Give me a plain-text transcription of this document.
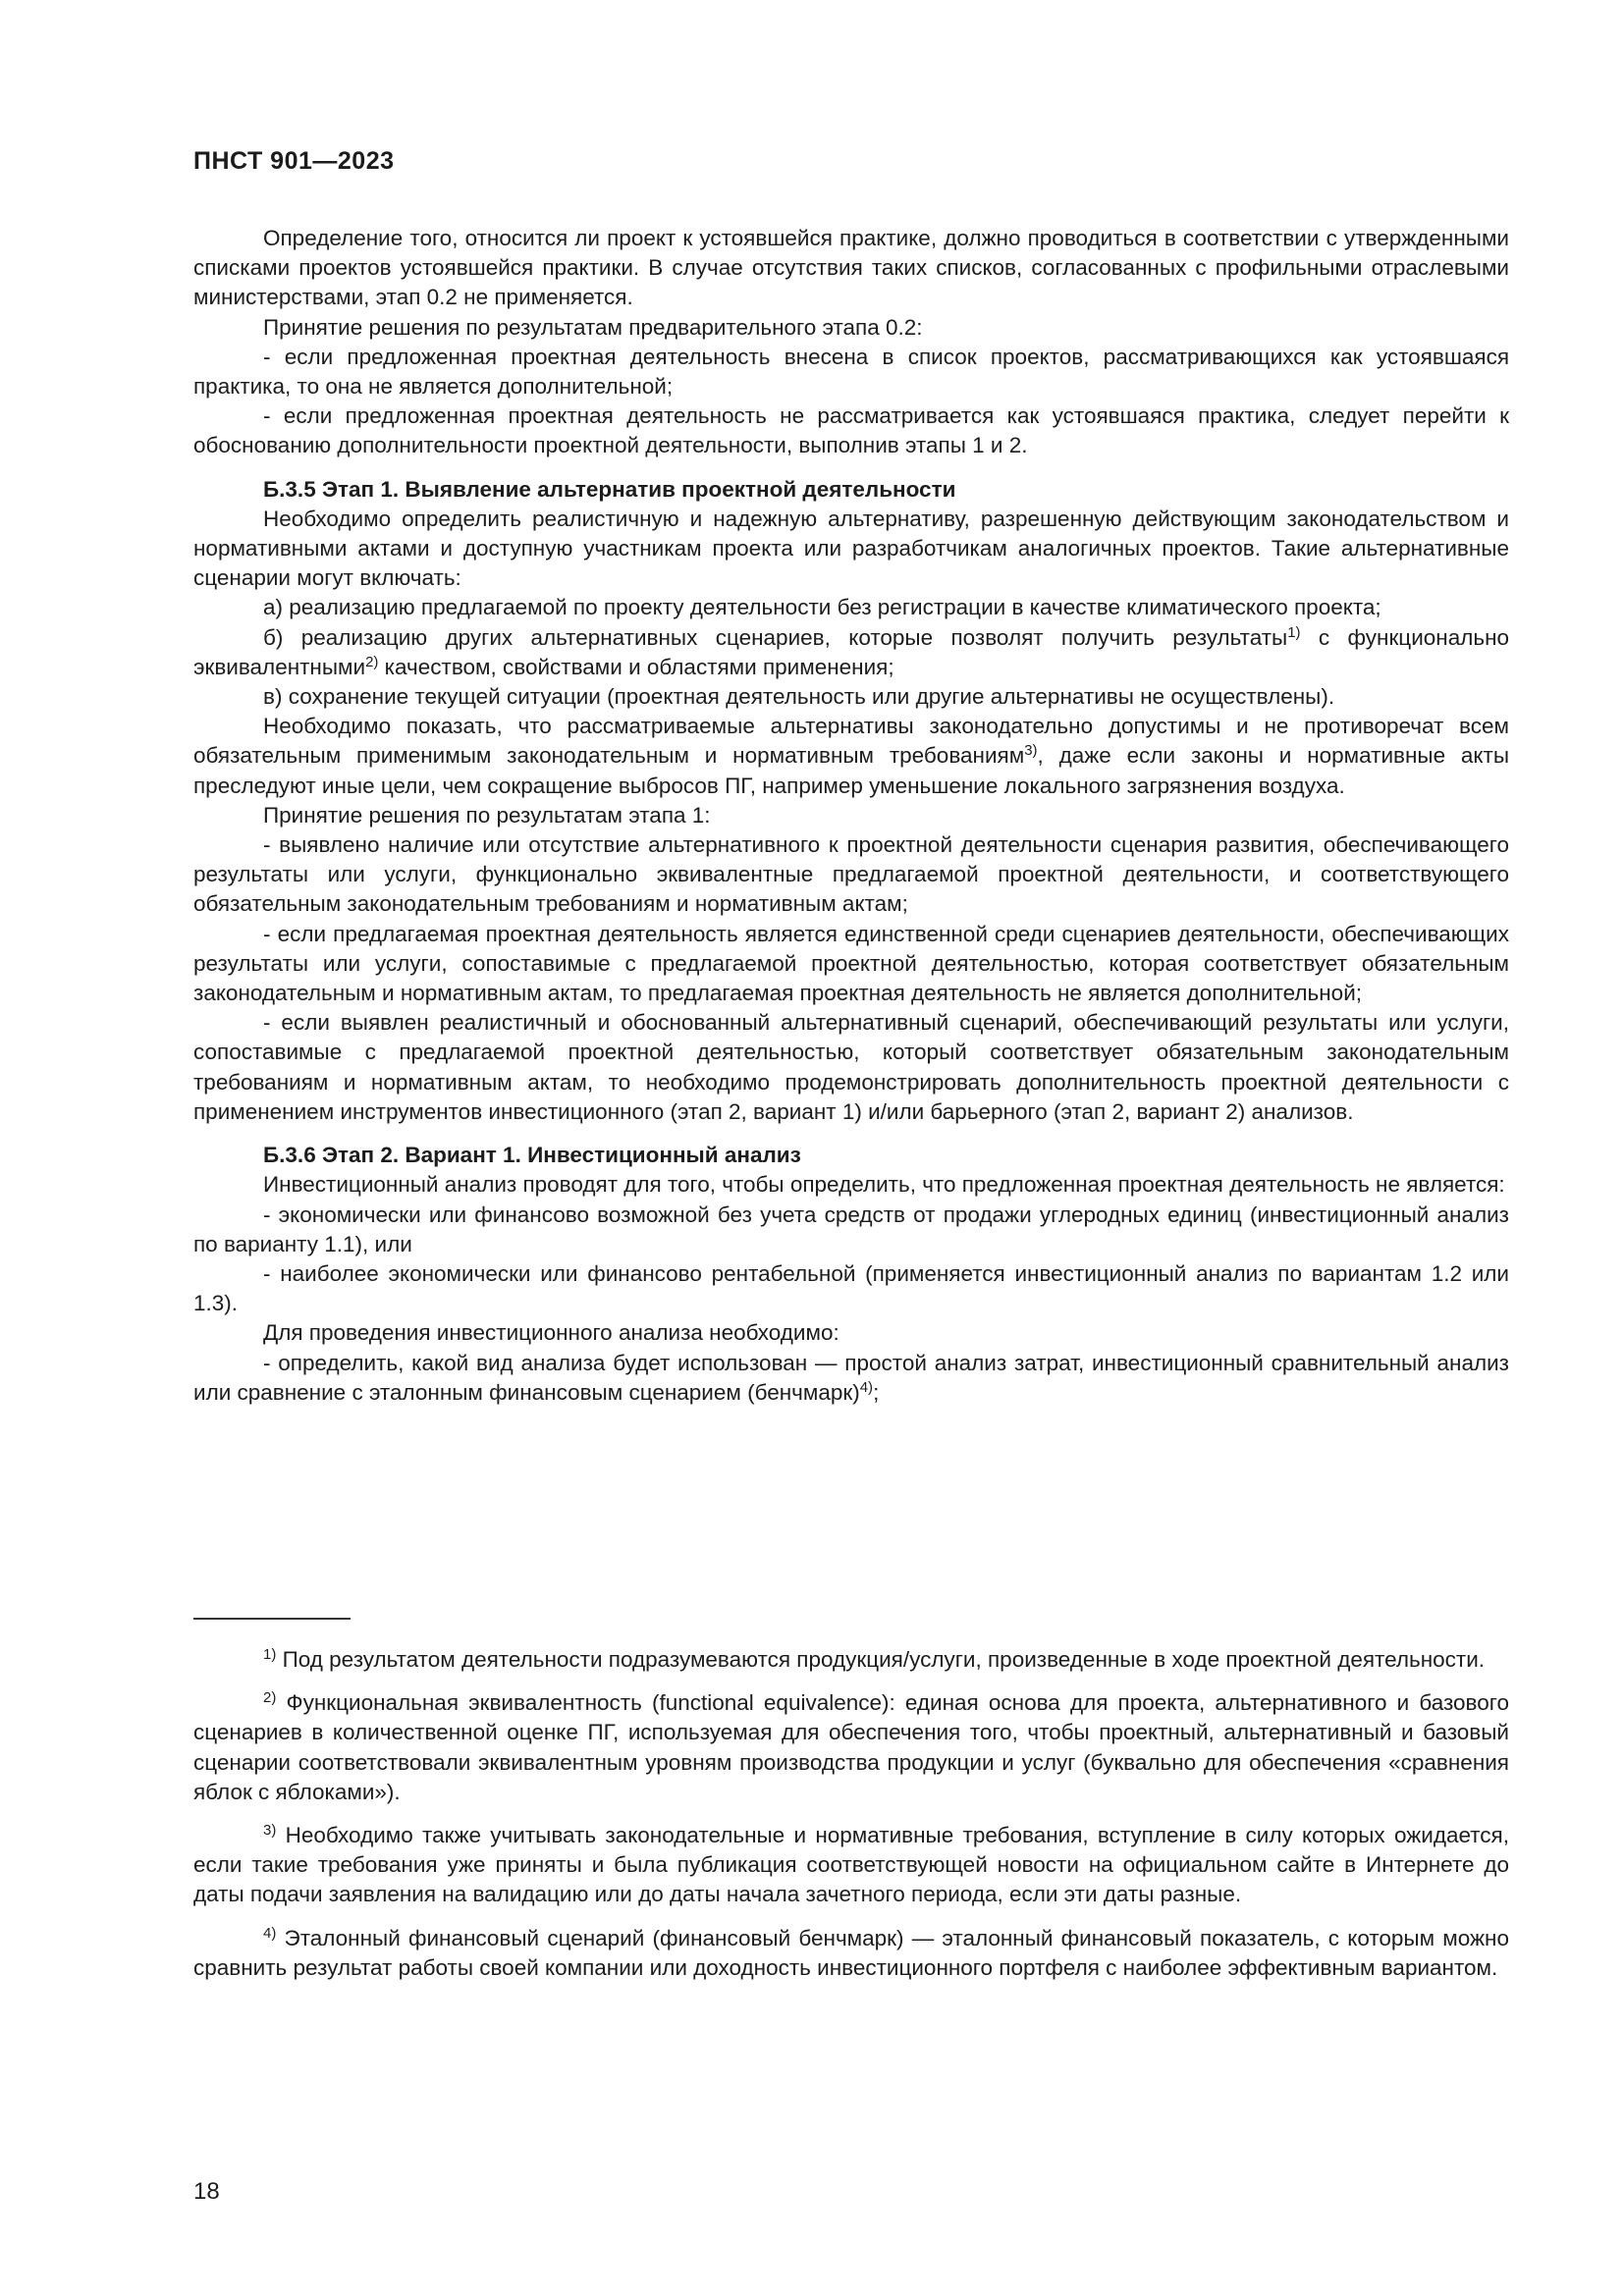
ПНСТ 901—2023

Определение того, относится ли проект к устоявшейся практике, должно проводиться в соответствии с утвержденными списками проектов устоявшейся практики. В случае отсутствия таких списков, согласованных с профильными отраслевыми министерствами, этап 0.2 не применяется.

Принятие решения по результатам предварительного этапа 0.2:

- если предложенная проектная деятельность внесена в список проектов, рассматривающихся как устоявшаяся практика, то она не является дополнительной;

- если предложенная проектная деятельность не рассматривается как устоявшаяся практика, следует перейти к обоснованию дополнительности проектной деятельности, выполнив этапы 1 и 2.

Б.3.5 Этап 1. Выявление альтернатив проектной деятельности

Необходимо определить реалистичную и надежную альтернативу, разрешенную действующим законодательством и нормативными актами и доступную участникам проекта или разработчикам аналогичных проектов. Такие альтернативные сценарии могут включать:

а) реализацию предлагаемой по проекту деятельности без регистрации в качестве климатического проекта;

б) реализацию других альтернативных сценариев, которые позволят получить результаты$^{1)}$ с функционально эквивалентными$^{2)}$ качеством, свойствами и областями применения;

в) сохранение текущей ситуации (проектная деятельность или другие альтернативы не осуществлены).

Необходимо показать, что рассматриваемые альтернативы законодательно допустимы и не противоречат всем обязательным применимым законодательным и нормативным требованиям$^{3)}$, даже если законы и нормативные акты преследуют иные цели, чем сокращение выбросов ПГ, например уменьшение локального загрязнения воздуха.

Принятие решения по результатам этапа 1:

- выявлено наличие или отсутствие альтернативного к проектной деятельности сценария развития, обеспечивающего результаты или услуги, функционально эквивалентные предлагаемой проектной деятельности, и соответствующего обязательным законодательным требованиям и нормативным актам;

- если предлагаемая проектная деятельность является единственной среди сценариев деятельности, обеспечивающих результаты или услуги, сопоставимые с предлагаемой проектной деятельностью, которая соответствует обязательным законодательным и нормативным актам, то предлагаемая проектная деятельность не является дополнительной;

- если выявлен реалистичный и обоснованный альтернативный сценарий, обеспечивающий результаты или услуги, сопоставимые с предлагаемой проектной деятельностью, который соответствует обязательным законодательным требованиям и нормативным актам, то необходимо продемонстрировать дополнительность проектной деятельности с применением инструментов инвестиционного (этап 2, вариант 1) и/или барьерного (этап 2, вариант 2) анализов.

Б.3.6 Этап 2. Вариант 1. Инвестиционный анализ

Инвестиционный анализ проводят для того, чтобы определить, что предложенная проектная деятельность не является:

- экономически или финансово возможной без учета средств от продажи углеродных единиц (инвестиционный анализ по варианту 1.1), или

- наиболее экономически или финансово рентабельной (применяется инвестиционный анализ по вариантам 1.2 или 1.3).

Для проведения инвестиционного анализа необходимо:

- определить, какой вид анализа будет использован — простой анализ затрат, инвестиционный сравнительный анализ или сравнение с эталонным финансовым сценарием (бенчмарк)$^{4)}$;

$^{1)}$ Под результатом деятельности подразумеваются продукция/услуги, произведенные в ходе проектной деятельности.

$^{2)}$ Функциональная эквивалентность (functional equivalence): единая основа для проекта, альтернативного и базового сценариев в количественной оценке ПГ, используемая для обеспечения того, чтобы проектный, альтернативный и базовый сценарии соответствовали эквивалентным уровням производства продукции и услуг (буквально для обеспечения «сравнения яблок с яблоками»).

$^{3)}$ Необходимо также учитывать законодательные и нормативные требования, вступление в силу которых ожидается, если такие требования уже приняты и была публикация соответствующей новости на официальном сайте в Интернете до даты подачи заявления на валидацию или до даты начала зачетного периода, если эти даты разные.

$^{4)}$ Эталонный финансовый сценарий (финансовый бенчмарк) — эталонный финансовый показатель, с которым можно сравнить результат работы своей компании или доходность инвестиционного портфеля с наиболее эффективным вариантом.

18
